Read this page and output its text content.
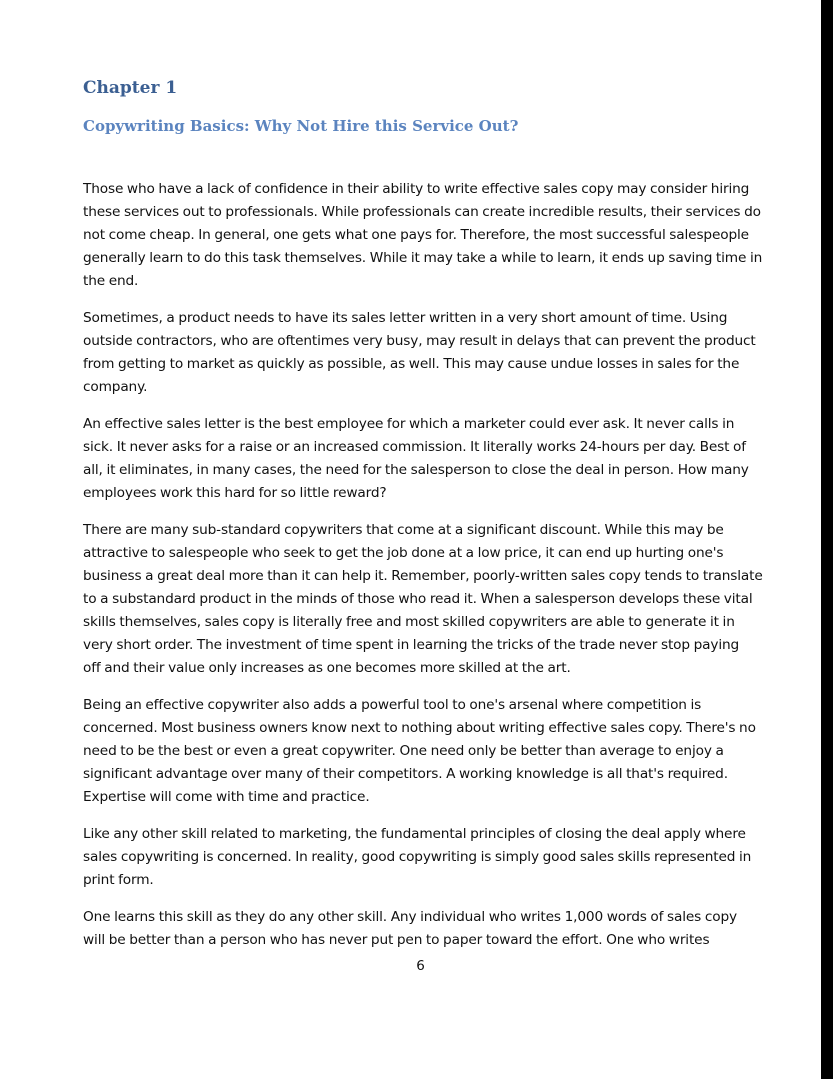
Chapter 1
Copywriting Basics: Why Not Hire this Service Out?

Those who have a lack of confidence in their ability to write effective sales copy may consider hiring
these services out to professionals. While professionals can create incredible results, their services do
not come cheap. In general, one gets what one pays for. Therefore, the most successful salespeople
generally learn to do this task themselves. While it may take a while to learn, it ends up saving time in
the end.

Sometimes, a product needs to have its sales letter written in a very short amount of time. Using
outside contractors, who are oftentimes very busy, may result in delays that can prevent the product
from getting to market as quickly as possible, as well. This may cause undue losses in sales for the
company.

An effective sales letter is the best employee for which a marketer could ever ask. It never calls in
sick. It never asks for a raise or an increased commission. It literally works 24-hours per day. Best of
all, it eliminates, in many cases, the need for the salesperson to close the deal in person. How many
employees work this hard for so little reward?

There are many sub-standard copywriters that come at a significant discount. While this may be
attractive to salespeople who seek to get the job done at a low price, it can end up hurting one's
business a great deal more than it can help it. Remember, poorly-written sales copy tends to translate
to a substandard product in the minds of those who read it. When a salesperson develops these vital
skills themselves, sales copy is literally free and most skilled copywriters are able to generate it in
very short order. The investment of time spent in learning the tricks of the trade never stop paying
off and their value only increases as one becomes more skilled at the art.

Being an effective copywriter also adds a powerful tool to one's arsenal where competition is
concerned. Most business owners know next to nothing about writing effective sales copy. There's no
need to be the best or even a great copywriter. One need only be better than average to enjoy a
significant advantage over many of their competitors. A working knowledge is all that's required.
Expertise will come with time and practice.

Like any other skill related to marketing, the fundamental principles of closing the deal apply where
sales copywriting is concerned. In reality, good copywriting is simply good sales skills represented in
print form.

One learns this skill as they do any other skill. Any individual who writes 1,000 words of sales copy
will be better than a person who has never put pen to paper toward the effort. One who writes

6
